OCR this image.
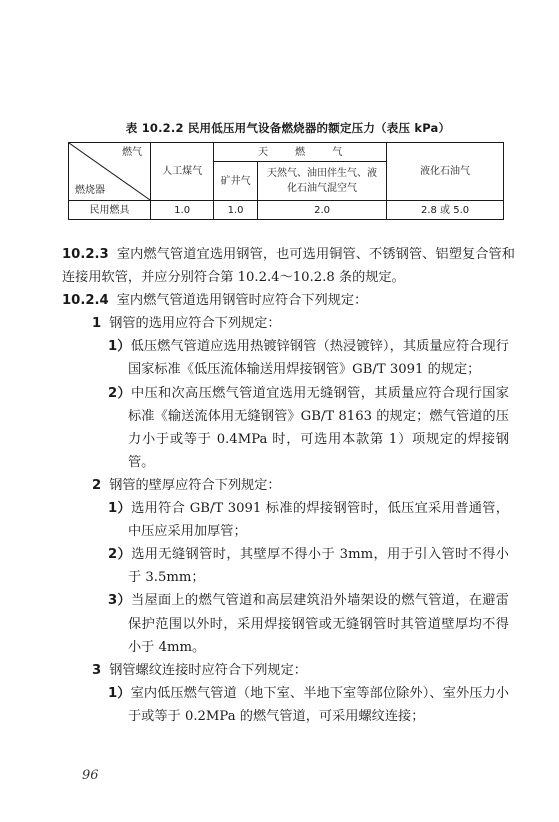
表 10.2.2 民用低压用气设备燃烧器的额定压力（表压 kPa）
燃气
燃烧器	人工煤气	天 燃 气		液化石油气
		矿井气	天然气、油田伴生气、液化石油气混空气	
民用燃具	1.0	1.0	2.0	2.8 或 5.0

10.2.3 室内燃气管道宜选用钢管，也可选用铜管、不锈钢管、铝塑复合管和连接用软管，并应分别符合第 10.2.4～10.2.8 条的规定。

10.2.4 室内燃气管道选用钢管时应符合下列规定：

1 钢管的选用应符合下列规定：

1）低压燃气管道应选用热镀锌钢管（热浸镀锌），其质量应符合现行国家标准《低压流体输送用焊接钢管》GB/T 3091 的规定；

2）中压和次高压燃气管道宜选用无缝钢管，其质量应符合现行国家标准《输送流体用无缝钢管》GB/T 8163 的规定；燃气管道的压力小于或等于 0.4MPa 时，可选用本款第 1）项规定的焊接钢管。

2 钢管的壁厚应符合下列规定：

1）选用符合 GB/T 3091 标准的焊接钢管时，低压宜采用普通管，中压应采用加厚管；

2）选用无缝钢管时，其壁厚不得小于 3mm，用于引入管时不得小于 3.5mm；

3）当屋面上的燃气管道和高层建筑沿外墙架设的燃气管道，在避雷保护范围以外时，采用焊接钢管或无缝钢管时其管道壁厚均不得小于 4mm。

3 钢管螺纹连接时应符合下列规定：

1）室内低压燃气管道（地下室、半地下室等部位除外）、室外压力小于或等于 0.2MPa 的燃气管道，可采用螺纹连接；

96
